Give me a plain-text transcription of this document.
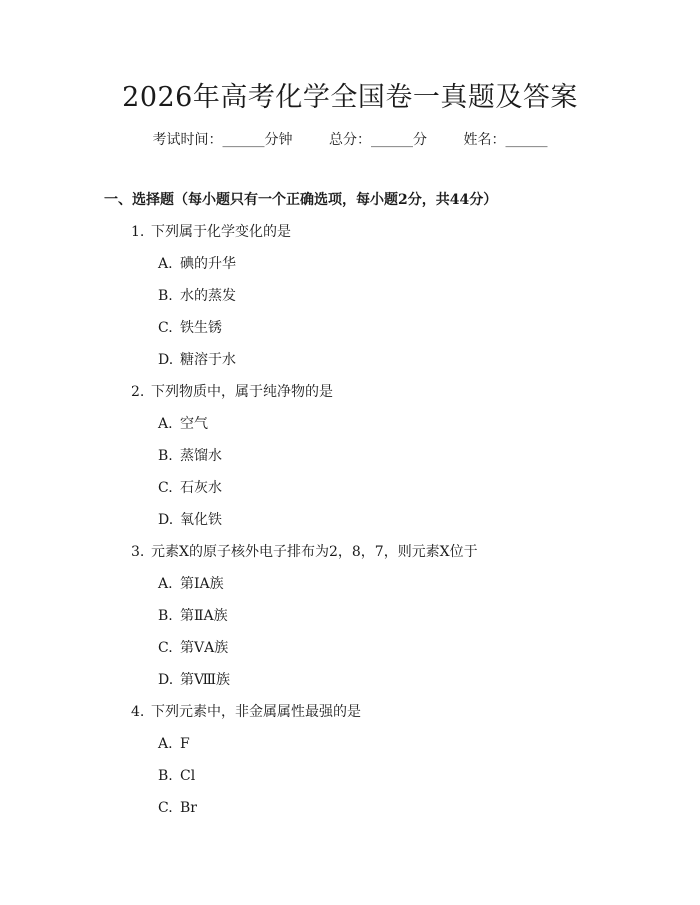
2026年高考化学全国卷一真题及答案
考试时间：______分钟	总分：______分	姓名：______
一、选择题（每小题只有一个正确选项，每小题2分，共44分）
1. 下列属于化学变化的是
A. 碘的升华
B. 水的蒸发
C. 铁生锈
D. 糖溶于水
2. 下列物质中，属于纯净物的是
A. 空气
B. 蒸馏水
C. 石灰水
D. 氧化铁
3. 元素X的原子核外电子排布为2，8，7，则元素X位于
A. 第ⅠA族
B. 第ⅡA族
C. 第ⅤA族
D. 第Ⅷ族
4. 下列元素中，非金属属性最强的是
A. F
B. Cl
C. Br
